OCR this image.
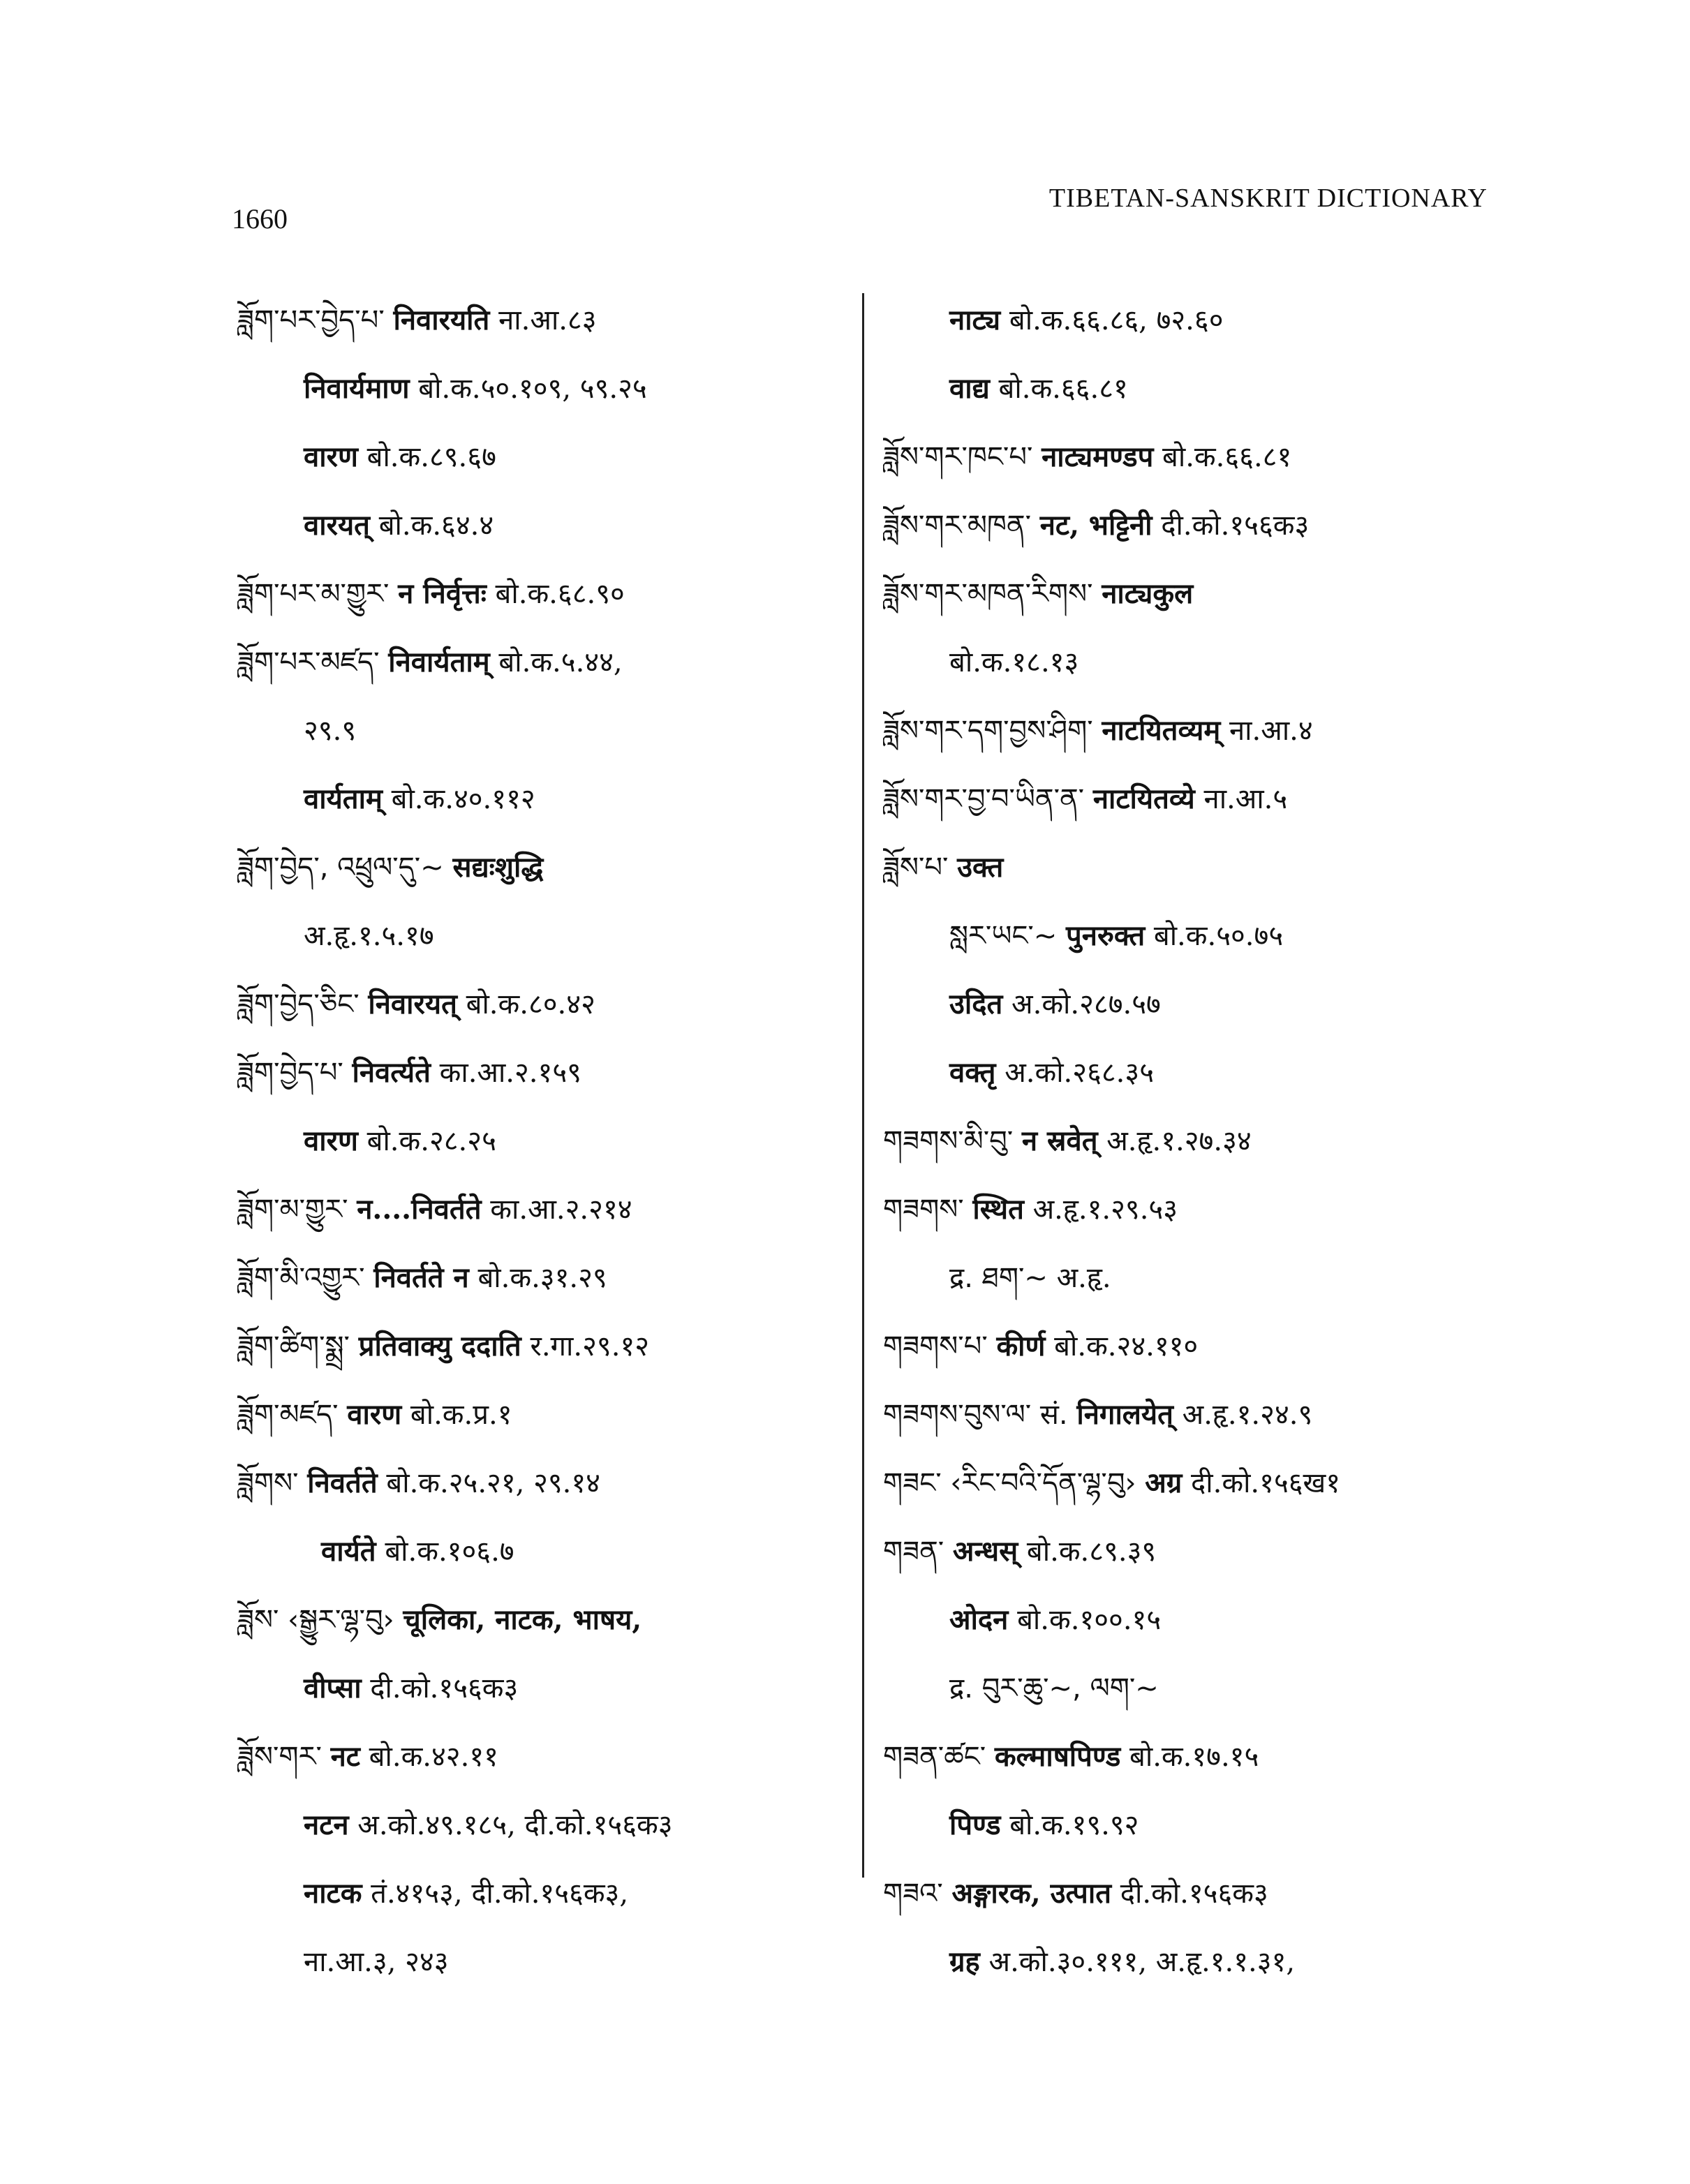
1660
TIBETAN-SANSKRIT DICTIONARY
ཟློག་པར་བྱེད་པ་ निवारयति ना.आ.८३
निवार्यमाण बो.क.५०.१०९, ५९.२५
वारण बो.क.८९.६७
वारयत् बो.क.६४.४
ཟློག་པར་མ་གྱུར་ न निर्वृत्तः बो.क.६८.९०
ཟློག་པར་མཛད་ निवार्यताम् बो.क.५.४४,
२९.९
वार्यताम् बो.क.४०.११२
ཟློག་བྱེད་, འཕྲུལ་དུ་~ सद्यःशुद्धि
अ.हृ.१.५.१७
ཟློག་བྱེད་ཅིང་ निवारयत् बो.क.८०.४२
ཟློག་བྱེད་པ་ निवर्त्यते का.आ.२.१५९
वारण बो.क.२८.२५
ཟློག་མ་གྱུར་ न....निवर्तते का.आ.२.२१४
ཟློག་མི་འགྱུར་ निवर्तते न बो.क.३१.२९
ཟློག་ཚིག་སྨྲ་ प्रतिवाक्यु ददाति र.गा.२९.१२
ཟློག་མཛད་ वारण बो.क.प्र.१
ཟློགས་ निवर्तते बो.क.२५.२१, २९.१४
वार्यते बो.क.१०६.७
ཟློས་ ‹སྒྱུར་ལྷ་བུ› चूलिका, नाटक, भाषय,
वीप्सा दी.को.१५६क३
ཟློས་གར་ नट बो.क.४२.११
नटन अ.को.४९.१८५, दी.को.१५६क३
नाटक तं.४१५३, दी.को.१५६क३,
ना.आ.३, २४३
नाट्य बो.क.६६.८६, ७२.६०
वाद्य बो.क.६६.८१
ཟློས་གར་ཁང་པ་ नाट्यमण्डप बो.क.६६.८१
ཟློས་གར་མཁན་ नट, भट्टिनी दी.को.१५६क३
ཟློས་གར་མཁན་རིགས་ नाट्यकुल
बो.क.१८.१३
ཟློས་གར་དག་བྱས་ཤིག་ नाटयितव्यम् ना.आ.४
ཟློས་གར་བྱ་བ་ཡིན་ན་ नाटयितव्ये ना.आ.५
ཟློས་པ་ उक्त
སླར་ཡང་~ पुनरुक्त बो.क.५०.७५
उदित अ.को.२८७.५७
वक्तृ अ.को.२६८.३५
གཟགས་མི་བུ་ न स्रवेत् अ.हृ.१.२७.३४
གཟགས་ स्थित अ.हृ.१.२९.५३
द्र. ཐག་~ अ.हृ.
གཟགས་པ་ कीर्ण बो.क.२४.११०
གཟགས་བུས་ལ་ सं. निगालयेत् अ.हृ.१.२४.९
གཟང་ ‹རིང་བའི་དོན་ལྷ་བུ› अग्र दी.को.१५६ख१
གཟན་ अन्धस् बो.क.८९.३९
ओदन बो.क.१००.१५
द्र. བུར་ཆུ་~, ལག་~
གཟན་ཚང་ कल्माषपिण्ड बो.क.१७.१५
पिण्ड बो.क.१९.९२
གཟའ་ अङ्गारक, उत्पात दी.को.१५६क३
ग्रह अ.को.३०.१११, अ.हृ.१.१.३१,
